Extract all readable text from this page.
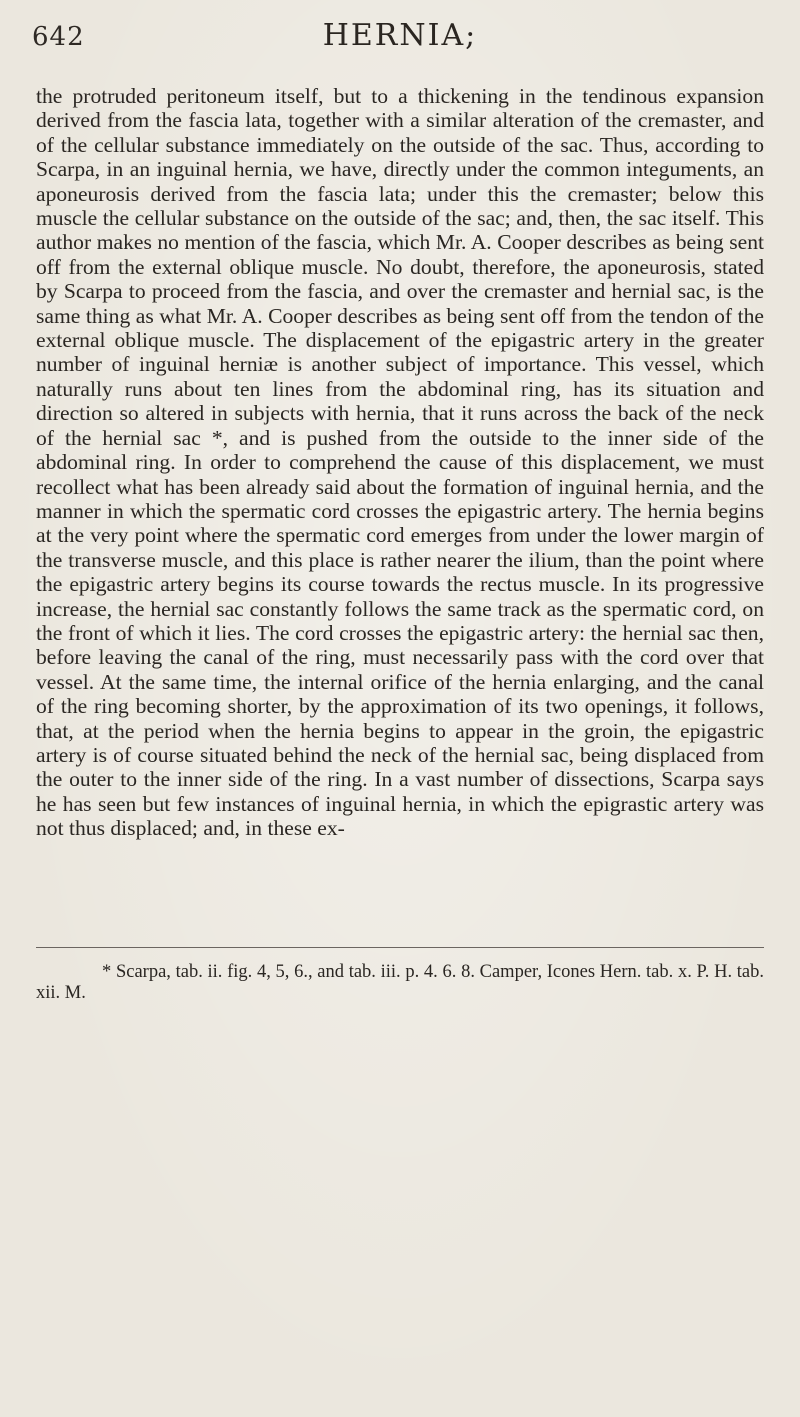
642	HERNIA;

the protruded peritoneum itself, but to a thickening in the tendinous expansion derived from the fascia lata, together with a similar alteration of the cremaster, and of the cellular substance immediately on the outside of the sac. Thus, according to Scarpa, in an inguinal hernia, we have, directly under the common integuments, an aponeurosis derived from the fascia lata; under this the cremaster; below this muscle the cellular substance on the outside of the sac; and, then, the sac itself. This author makes no mention of the fascia, which Mr. A. Cooper describes as being sent off from the external oblique muscle. No doubt, therefore, the aponeurosis, stated by Scarpa to proceed from the fascia, and over the cremaster and hernial sac, is the same thing as what Mr. A. Cooper describes as being sent off from the tendon of the external oblique muscle. The displacement of the epigastric artery in the greater number of inguinal herniæ is another subject of importance. This vessel, which naturally runs about ten lines from the abdominal ring, has its situation and direction so altered in subjects with hernia, that it runs across the back of the neck of the hernial sac *, and is pushed from the outside to the inner side of the abdominal ring. In order to comprehend the cause of this displacement, we must recollect what has been already said about the formation of inguinal hernia, and the manner in which the spermatic cord crosses the epigastric artery. The hernia begins at the very point where the spermatic cord emerges from under the lower margin of the transverse muscle, and this place is rather nearer the ilium, than the point where the epigastric artery begins its course towards the rectus muscle. In its progressive increase, the hernial sac constantly follows the same track as the spermatic cord, on the front of which it lies. The cord crosses the epigastric artery: the hernial sac then, before leaving the canal of the ring, must necessarily pass with the cord over that vessel. At the same time, the internal orifice of the hernia enlarging, and the canal of the ring becoming shorter, by the approximation of its two openings, it follows, that, at the period when the hernia begins to appear in the groin, the epigastric artery is of course situated behind the neck of the hernial sac, being displaced from the outer to the inner side of the ring. In a vast number of dissections, Scarpa says he has seen but few instances of inguinal hernia, in which the epigrastic artery was not thus displaced; and, in these ex-

* Scarpa, tab. ii. fig. 4, 5, 6., and tab. iii. p. 4. 6. 8. Camper, Icones Hern. tab. x. P. H. tab. xii. M.
